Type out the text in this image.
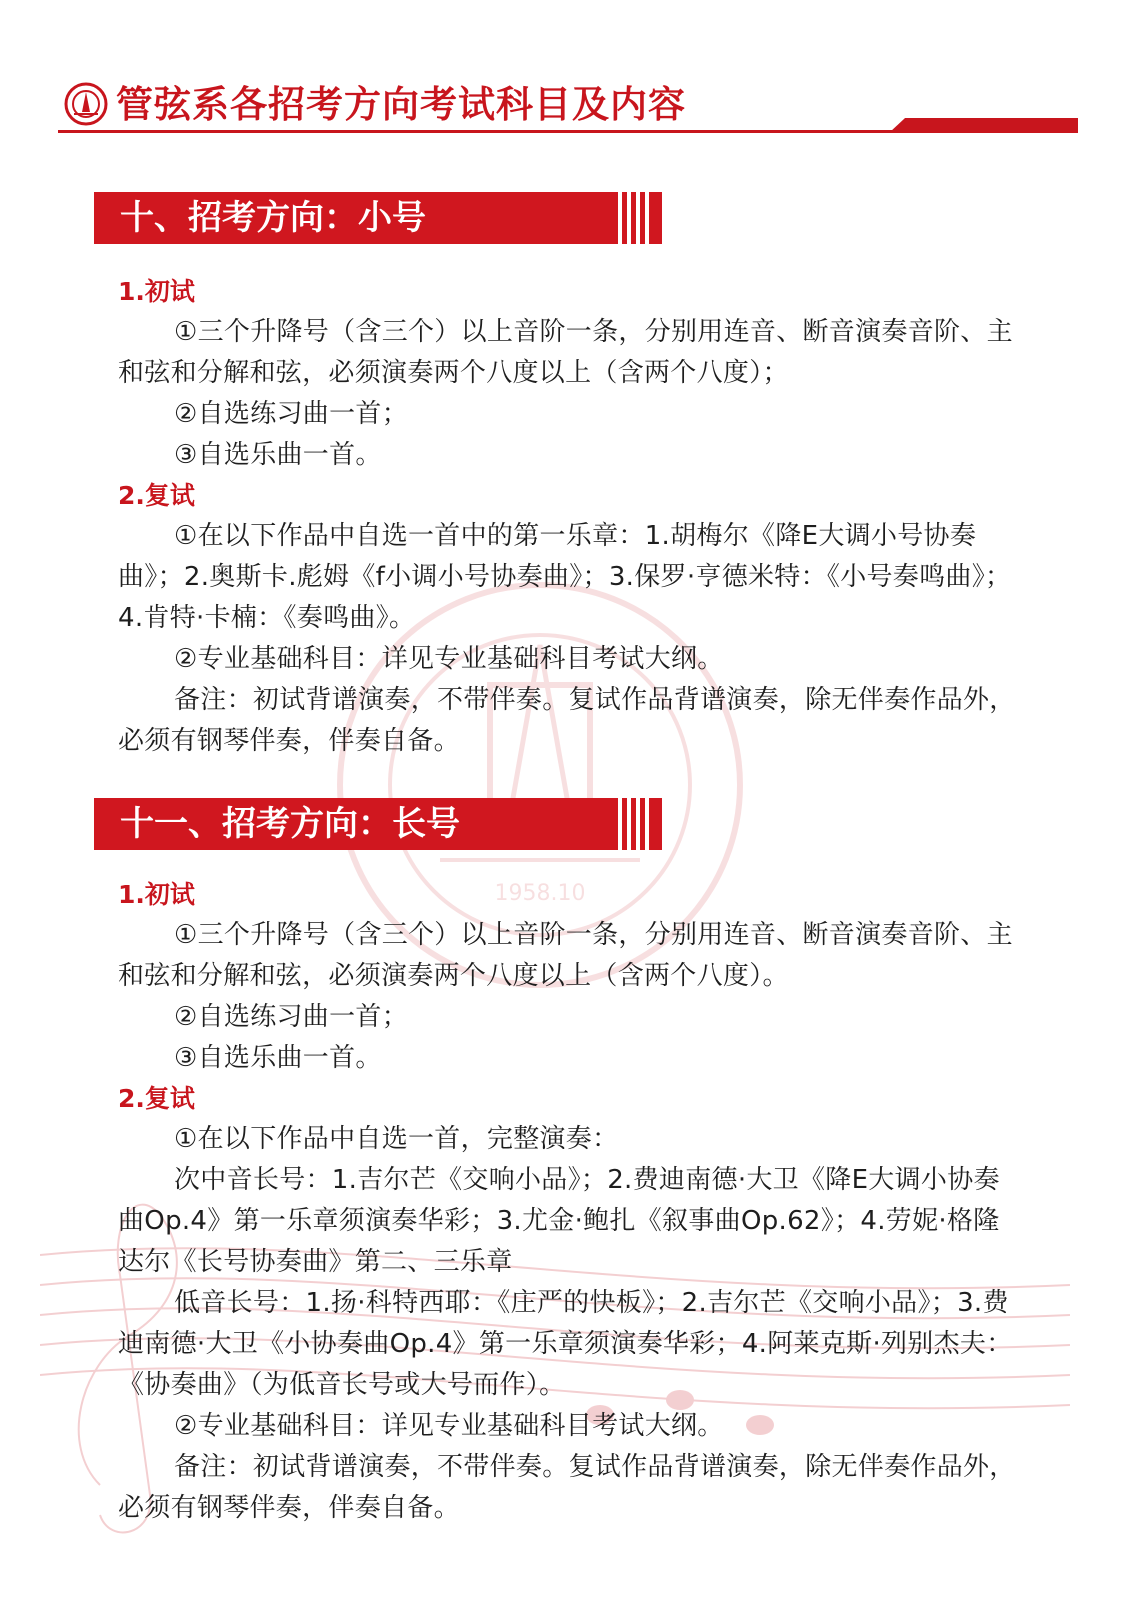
1958.10
管弦系各招考方向考试科目及内容
十、招考方向：小号
1.初试

①三个升降号（含三个）以上音阶一条，分别用连音、断音演奏音阶、主和弦和分解和弦，必须演奏两个八度以上（含两个八度）；

②自选练习曲一首；

③自选乐曲一首。

2.复试

①在以下作品中自选一首中的第一乐章：1.胡梅尔《降E大调小号协奏曲》；2.奥斯卡.彪姆《f小调小号协奏曲》；3.保罗·亨德米特：《小号奏鸣曲》；4.肯特·卡楠：《奏鸣曲》。

②专业基础科目：详见专业基础科目考试大纲。

备注：初试背谱演奏，不带伴奏。复试作品背谱演奏，除无伴奏作品外，必须有钢琴伴奏，伴奏自备。

十一、招考方向：长号
1.初试

①三个升降号（含三个）以上音阶一条，分别用连音、断音演奏音阶、主和弦和分解和弦，必须演奏两个八度以上（含两个八度）。

②自选练习曲一首；

③自选乐曲一首。

2.复试

①在以下作品中自选一首，完整演奏：

次中音长号：1.吉尔芒《交响小品》；2.费迪南德·大卫《降E大调小协奏曲Op.4》第一乐章须演奏华彩；3.尤金·鲍扎《叙事曲Op.62》；4.劳妮·格隆达尔《长号协奏曲》第二、三乐章

低音长号：1.扬·科特西耶：《庄严的快板》；2.吉尔芒《交响小品》；3.费迪南德·大卫《小协奏曲Op.4》第一乐章须演奏华彩；4.阿莱克斯·列别杰夫：《协奏曲》（为低音长号或大号而作）。

②专业基础科目：详见专业基础科目考试大纲。

备注：初试背谱演奏，不带伴奏。复试作品背谱演奏，除无伴奏作品外，必须有钢琴伴奏，伴奏自备。
